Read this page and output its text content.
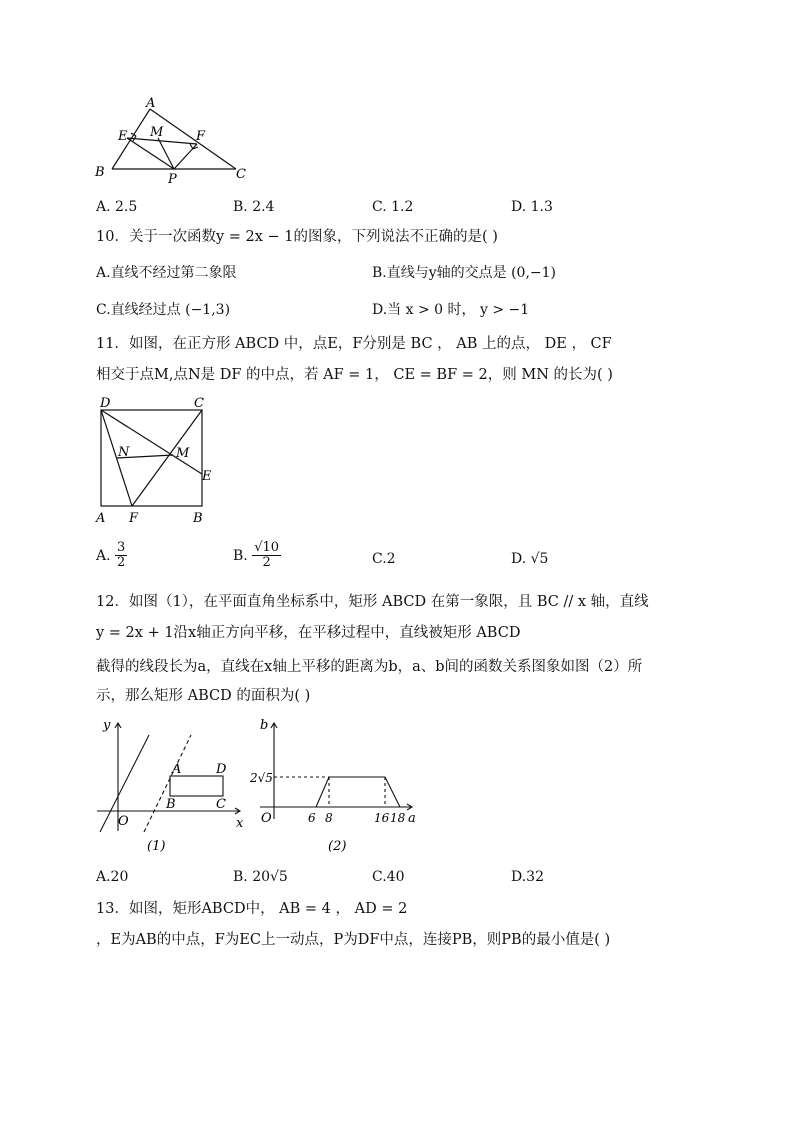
A
E M	F
B	P	C
A. 2.5	B. 2.4	C. 1.2	D. 1.3
10．关于一次函数y = 2x − 1的图象，下列说法不正确的是( )
A.直线不经过第二象限	B.直线与y轴的交点是 (0,−1)
C.直线经过点 (−1,3)	D.当 x > 0 时， y > −1
11．如图，在正方形 ABCD 中，点E，F分别是 BC ， AB 上的点， DE ， CF
相交于点M,点N是 DF 的中点，若 AF = 1， CE = BF = 2，则 MN 的长为( )
D	C
N	M
E
A F	B
A. $\frac{3}{2}$	B. $\frac{√10}{2}$	C.2	D. √5
12．如图（1），在平面直角坐标系中，矩形 ABCD 在第一象限，且 BC // x 轴，直线
y = 2x + 1沿x轴正方向平移，在平移过程中，直线被矩形 ABCD
截得的线段长为a，直线在x轴上平移的距离为b，a、b间的函数关系图象如图（2）所
示，那么矩形 ABCD 的面积为( )
y
x
O
A	D
B	C
(1)
b
2√5
O	6 8	16 18 a
(2)
A.20	B. 20√5	C.40	D.32
13．如图，矩形ABCD中， AB = 4 ， AD = 2
，E为AB的中点，F为EC上一动点，P为DF中点，连接PB，则PB的最小值是( )
